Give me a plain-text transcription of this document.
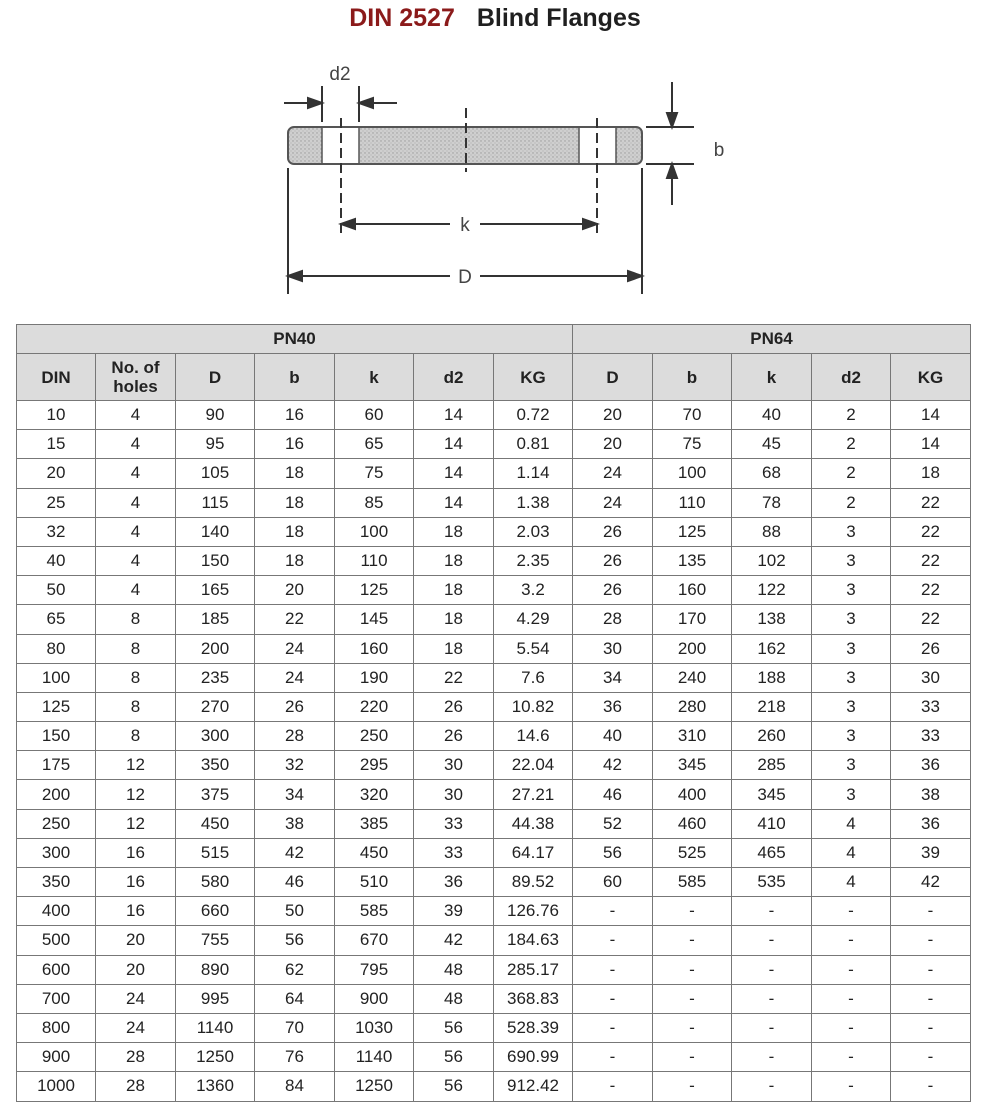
DIN 2527 Blind Flanges
d2
b
k
D
PN40							PN64				
DIN	No. of holes	D	b	k	d2	KG	D	b	k	d2	KG
10	4	90	16	60	14	0.72	20	70	40	2	14
15	4	95	16	65	14	0.81	20	75	45	2	14
20	4	105	18	75	14	1.14	24	100	68	2	18
25	4	115	18	85	14	1.38	24	110	78	2	22
32	4	140	18	100	18	2.03	26	125	88	3	22
40	4	150	18	110	18	2.35	26	135	102	3	22
50	4	165	20	125	18	3.2	26	160	122	3	22
65	8	185	22	145	18	4.29	28	170	138	3	22
80	8	200	24	160	18	5.54	30	200	162	3	26
100	8	235	24	190	22	7.6	34	240	188	3	30
125	8	270	26	220	26	10.82	36	280	218	3	33
150	8	300	28	250	26	14.6	40	310	260	3	33
175	12	350	32	295	30	22.04	42	345	285	3	36
200	12	375	34	320	30	27.21	46	400	345	3	38
250	12	450	38	385	33	44.38	52	460	410	4	36
300	16	515	42	450	33	64.17	56	525	465	4	39
350	16	580	46	510	36	89.52	60	585	535	4	42
400	16	660	50	585	39	126.76	-	-	-	-	-
500	20	755	56	670	42	184.63	-	-	-	-	-
600	20	890	62	795	48	285.17	-	-	-	-	-
700	24	995	64	900	48	368.83	-	-	-	-	-
800	24	1140	70	1030	56	528.39	-	-	-	-	-
900	28	1250	76	1140	56	690.99	-	-	-	-	-
1000	28	1360	84	1250	56	912.42	-	-	-	-	-
